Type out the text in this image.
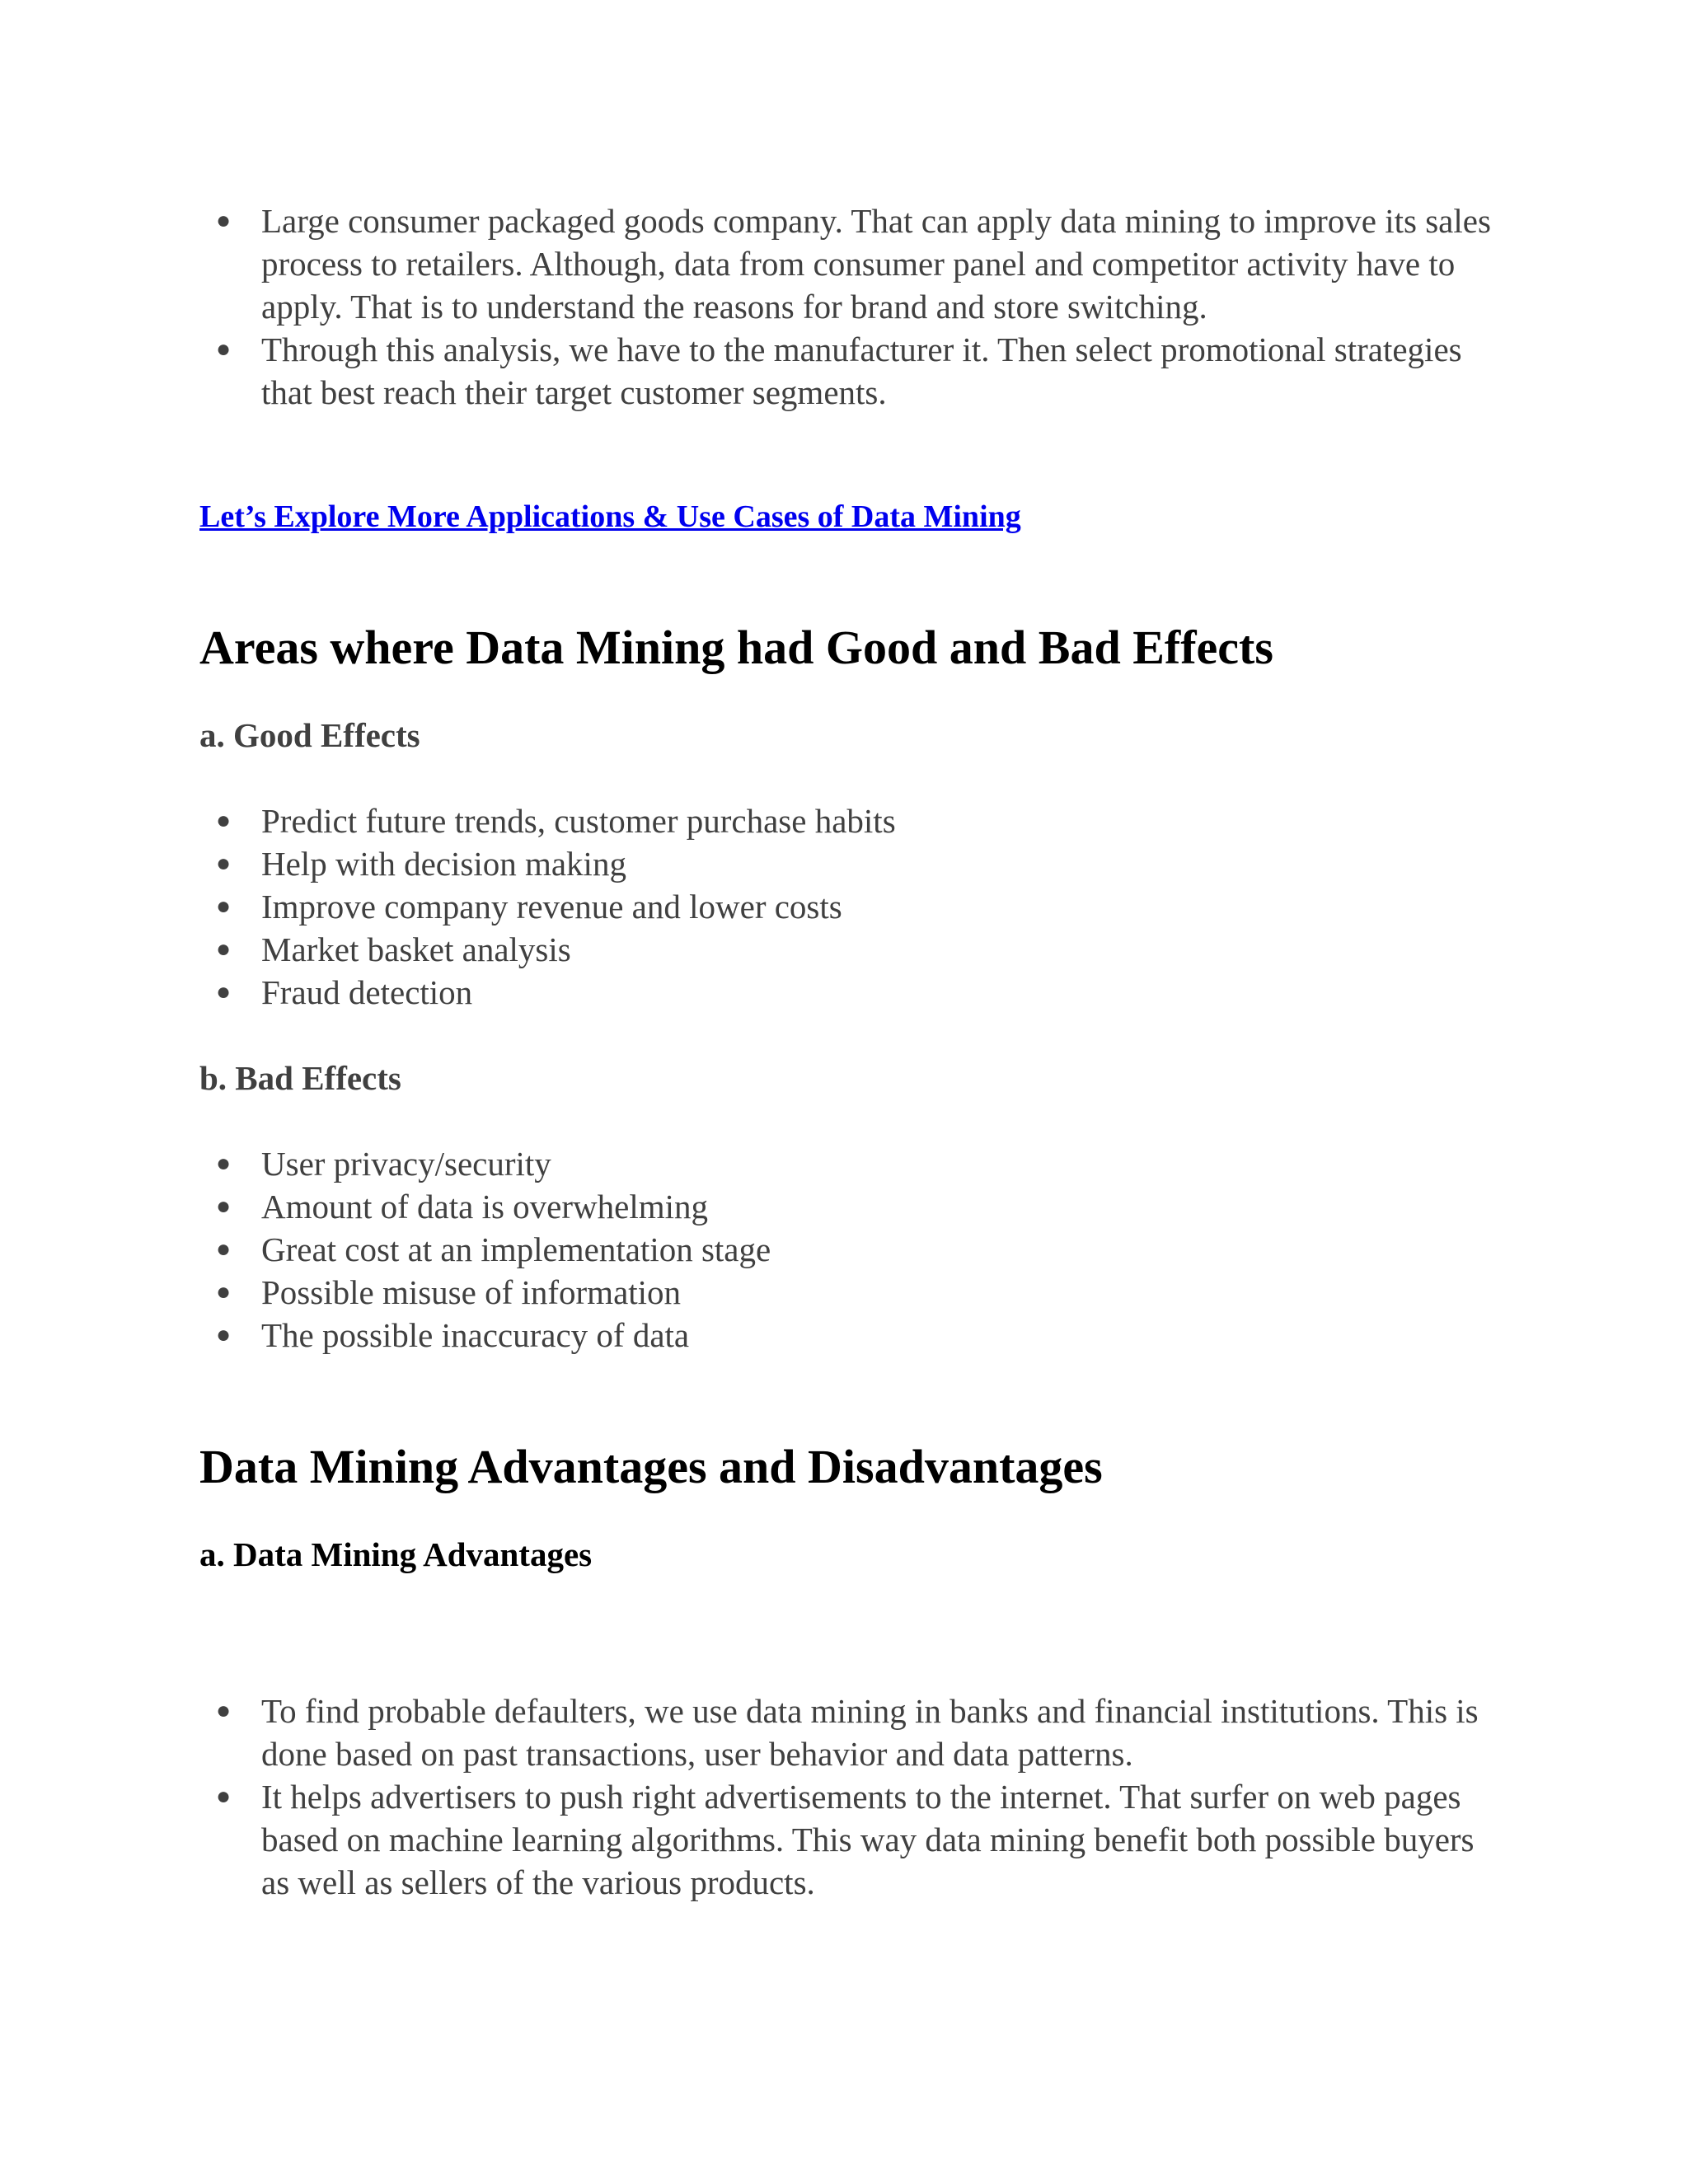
● Large consumer packaged goods company. That can apply data mining to improve its sales process to retailers. Although, data from consumer panel and competitor activity have to apply. That is to understand the reasons for brand and store switching.
● Through this analysis, we have to the manufacturer it. Then select promotional strategies that best reach their target customer segments.
Let’s Explore More Applications & Use Cases of Data Mining
Areas where Data Mining had Good and Bad Effects
a. Good Effects
● Predict future trends, customer purchase habits
● Help with decision making
● Improve company revenue and lower costs
● Market basket analysis
● Fraud detection
b. Bad Effects
● User privacy/security
● Amount of data is overwhelming
● Great cost at an implementation stage
● Possible misuse of information
● The possible inaccuracy of data
Data Mining Advantages and Disadvantages
a. Data Mining Advantages
● To find probable defaulters, we use data mining in banks and financial institutions. This is done based on past transactions, user behavior and data patterns.
● It helps advertisers to push right advertisements to the internet. That surfer on web pages based on machine learning algorithms. This way data mining benefit both possible buyers as well as sellers of the various products.
